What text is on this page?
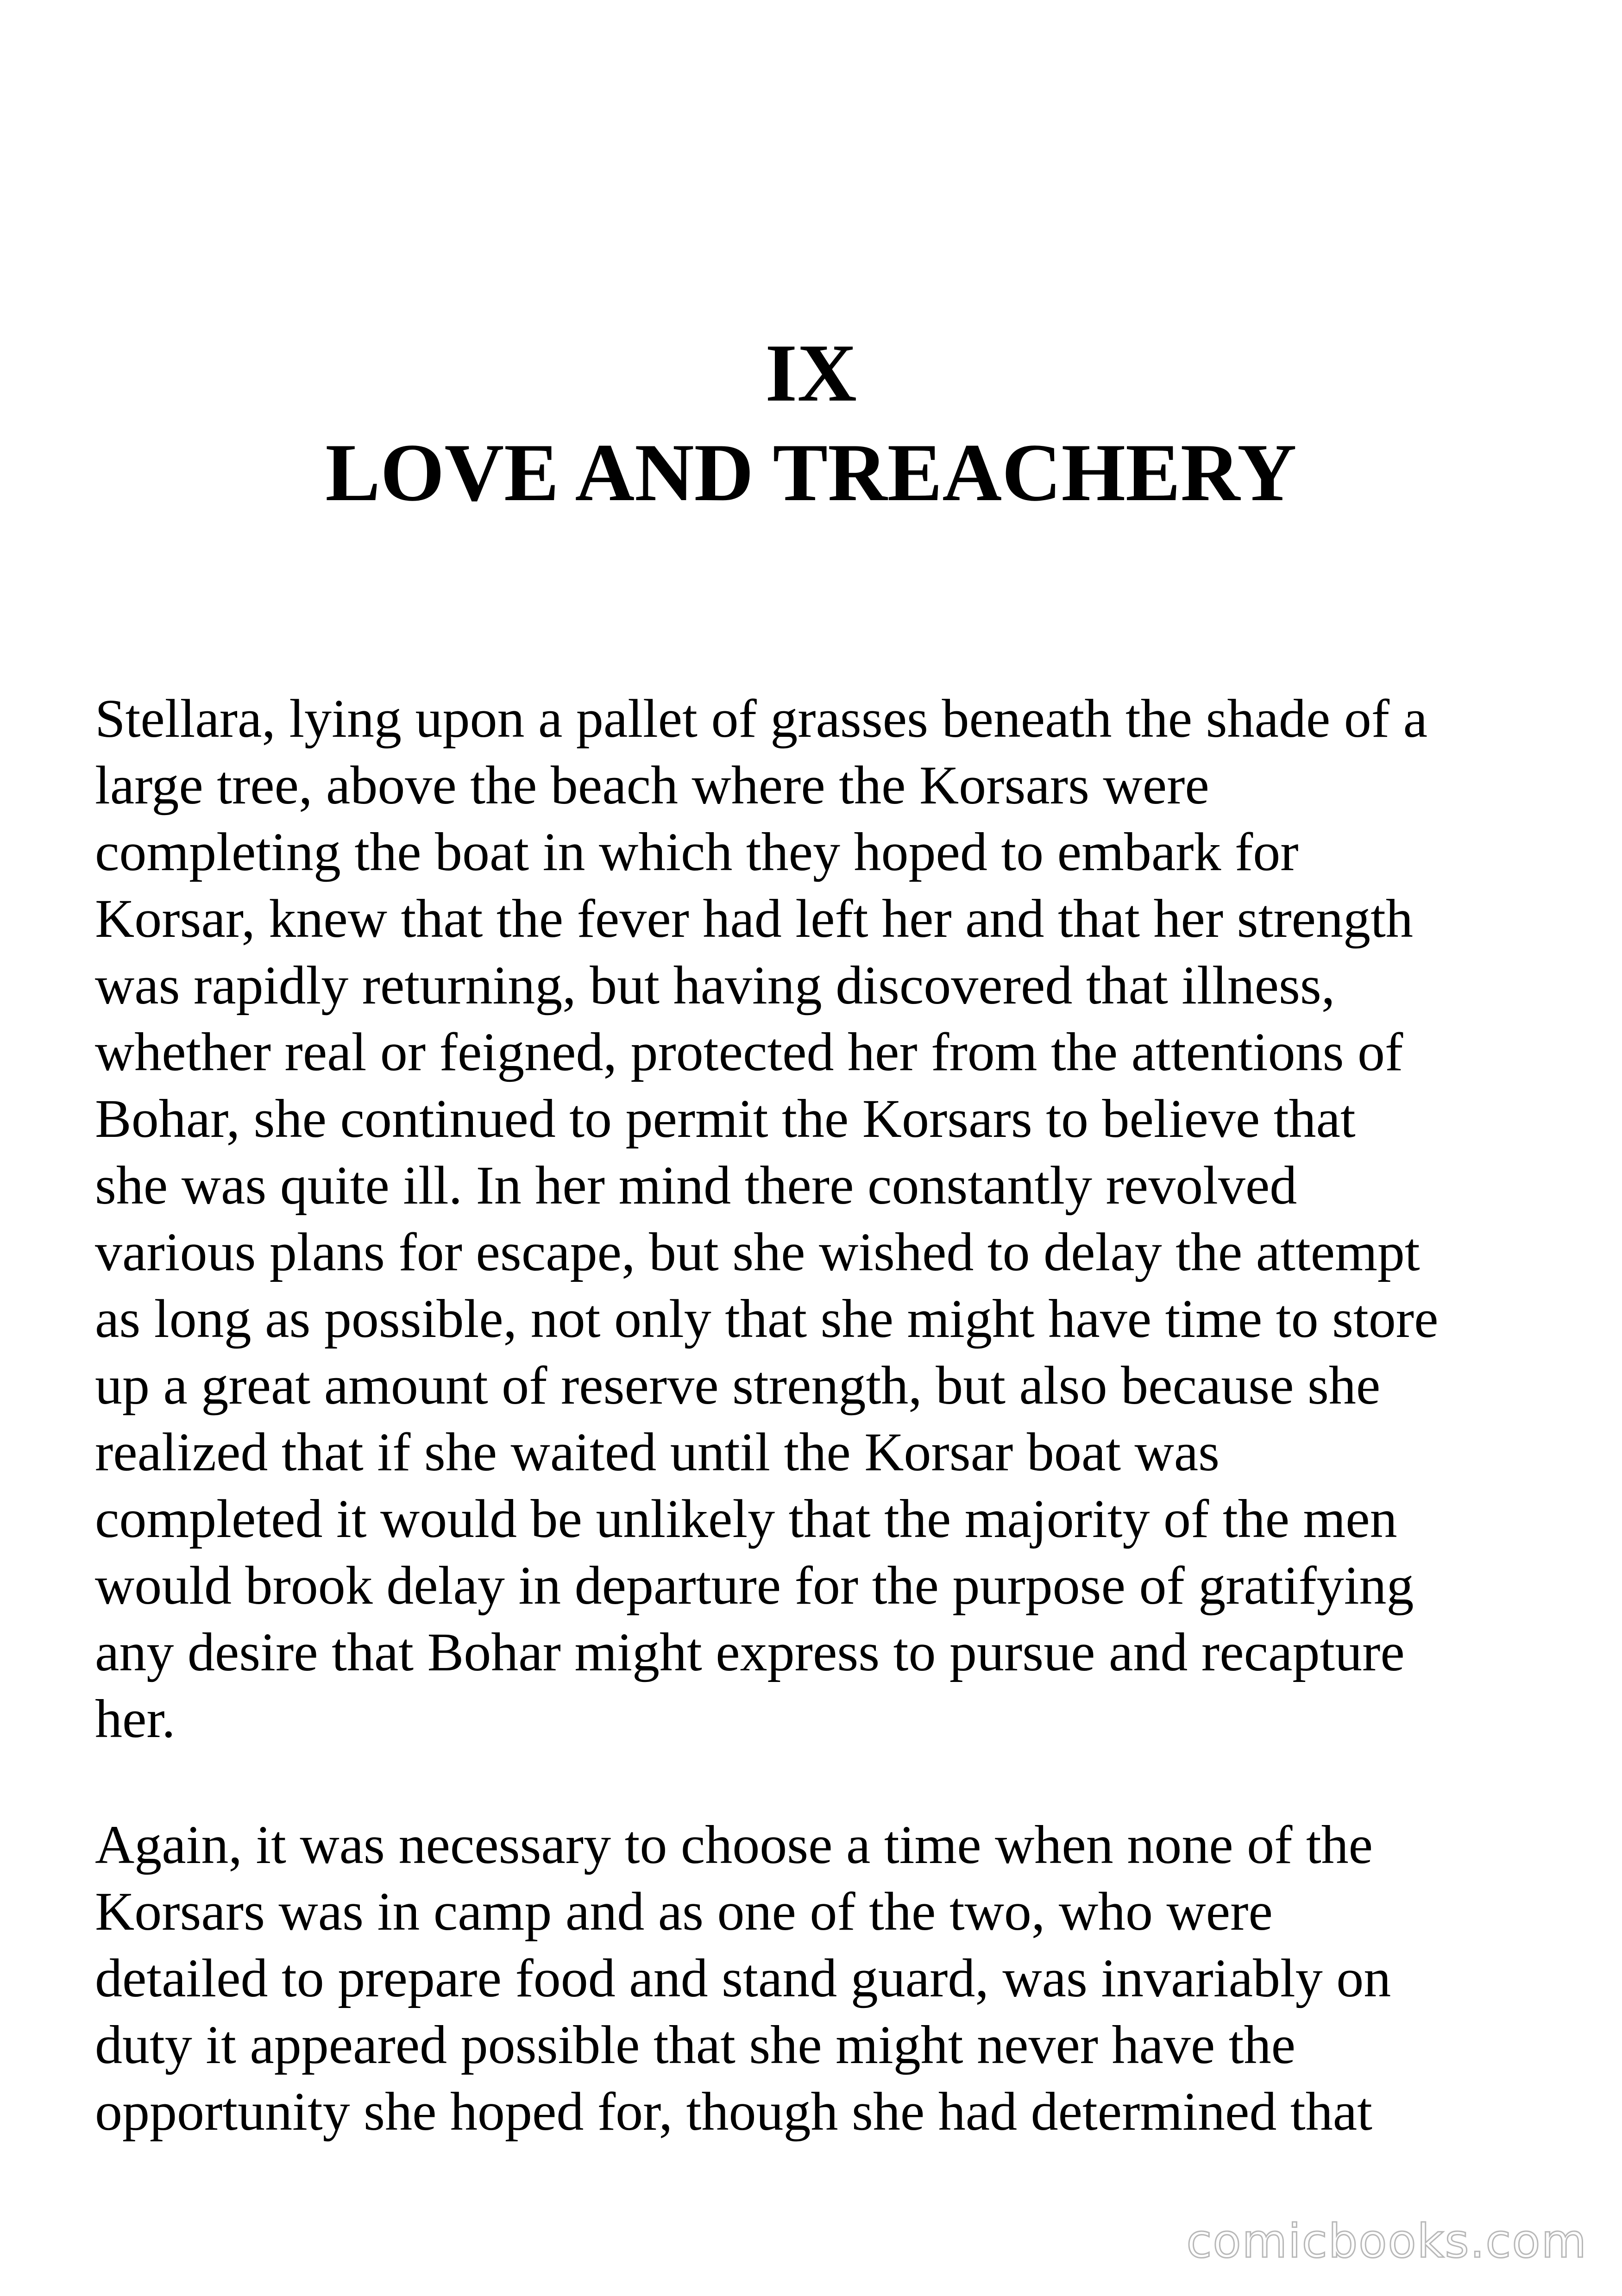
IX
LOVE AND TREACHERY
Stellara, lying upon a pallet of grasses beneath the shade of a
large tree, above the beach where the Korsars were
completing the boat in which they hoped to embark for
Korsar, knew that the fever had left her and that her strength
was rapidly returning, but having discovered that illness,
whether real or feigned, protected her from the attentions of
Bohar, she continued to permit the Korsars to believe that
she was quite ill. In her mind there constantly revolved
various plans for escape, but she wished to delay the attempt
as long as possible, not only that she might have time to store
up a great amount of reserve strength, but also because she
realized that if she waited until the Korsar boat was
completed it would be unlikely that the majority of the men
would brook delay in departure for the purpose of gratifying
any desire that Bohar might express to pursue and recapture
her.
Again, it was necessary to choose a time when none of the
Korsars was in camp and as one of the two, who were
detailed to prepare food and stand guard, was invariably on
duty it appeared possible that she might never have the
opportunity she hoped for, though she had determined that
comicbooks.com
